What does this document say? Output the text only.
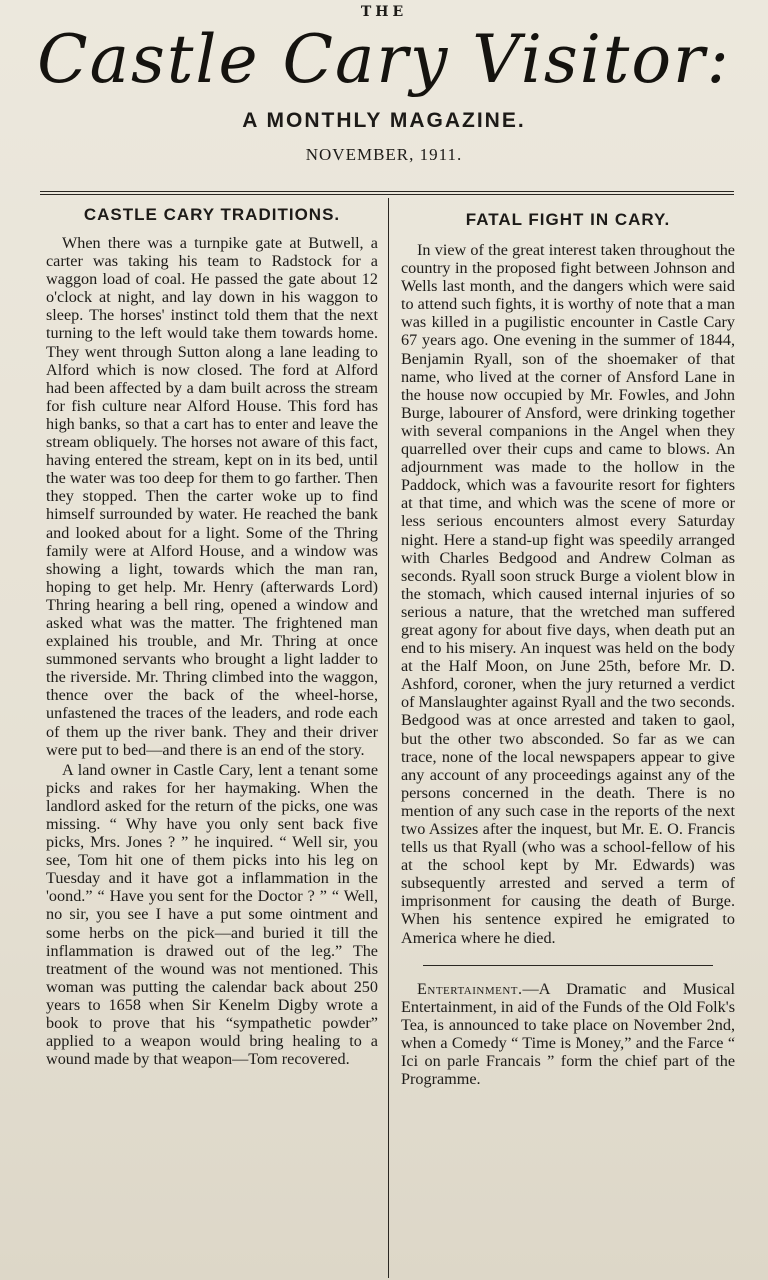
THE
Castle Cary Visitor:
A MONTHLY MAGAZINE.
NOVEMBER, 1911.
CASTLE CARY TRADITIONS.

When there was a turnpike gate at Butwell, a carter was taking his team to Radstock for a waggon load of coal. He passed the gate about 12 o'clock at night, and lay down in his waggon to sleep. The horses' instinct told them that the next turning to the left would take them towards home. They went through Sutton along a lane leading to Alford which is now closed. The ford at Alford had been affected by a dam built across the stream for fish culture near Alford House. This ford has high banks, so that a cart has to enter and leave the stream obliquely. The horses not aware of this fact, having entered the stream, kept on in its bed, until the water was too deep for them to go farther. Then they stopped. Then the carter woke up to find himself surrounded by water. He reached the bank and looked about for a light. Some of the Thring family were at Alford House, and a window was showing a light, towards which the man ran, hoping to get help. Mr. Henry (afterwards Lord) Thring hearing a bell ring, opened a window and asked what was the matter. The frightened man explained his trouble, and Mr. Thring at once summoned servants who brought a light ladder to the riverside. Mr. Thring climbed into the waggon, thence over the back of the wheel-horse, unfastened the traces of the leaders, and rode each of them up the river bank. They and their driver were put to bed—and there is an end of the story.

A land owner in Castle Cary, lent a tenant some picks and rakes for her haymaking. When the landlord asked for the return of the picks, one was missing. “ Why have you only sent back five picks, Mrs. Jones ? ” he inquired. “ Well sir, you see, Tom hit one of them picks into his leg on Tuesday and it have got a inflammation in the 'oond.” “ Have you sent for the Doctor ? ” “ Well, no sir, you see I have a put some ointment and some herbs on the pick—and buried it till the inflammation is drawed out of the leg.” The treatment of the wound was not mentioned. This woman was putting the calendar back about 250 years to 1658 when Sir Kenelm Digby wrote a book to prove that his “sympathetic powder” applied to a weapon would bring healing to a wound made by that weapon—Tom recovered.

FATAL FIGHT IN CARY.

In view of the great interest taken throughout the country in the proposed fight between Johnson and Wells last month, and the dangers which were said to attend such fights, it is worthy of note that a man was killed in a pugilistic encounter in Castle Cary 67 years ago. One evening in the summer of 1844, Benjamin Ryall, son of the shoemaker of that name, who lived at the corner of Ansford Lane in the house now occupied by Mr. Fowles, and John Burge, labourer of Ansford, were drinking together with several companions in the Angel when they quarrelled over their cups and came to blows. An adjournment was made to the hollow in the Paddock, which was a favourite resort for fighters at that time, and which was the scene of more or less serious encounters almost every Saturday night. Here a stand-up fight was speedily arranged with Charles Bedgood and Andrew Colman as seconds. Ryall soon struck Burge a violent blow in the stomach, which caused internal injuries of so serious a nature, that the wretched man suffered great agony for about five days, when death put an end to his misery. An inquest was held on the body at the Half Moon, on June 25th, before Mr. D. Ashford, coroner, when the jury returned a verdict of Manslaughter against Ryall and the two seconds. Bedgood was at once arrested and taken to gaol, but the other two absconded. So far as we can trace, none of the local newspapers appear to give any account of any proceedings against any of the persons concerned in the death. There is no mention of any such case in the reports of the next two Assizes after the inquest, but Mr. E. O. Francis tells us that Ryall (who was a school-fellow of his at the school kept by Mr. Edwards) was subsequently arrested and served a term of imprisonment for causing the death of Burge. When his sentence expired he emigrated to America where he died.

Entertainment.—A Dramatic and Musical Entertainment, in aid of the Funds of the Old Folk's Tea, is announced to take place on November 2nd, when a Comedy “ Time is Money,” and the Farce “ Ici on parle Francais ” form the chief part of the Programme.
